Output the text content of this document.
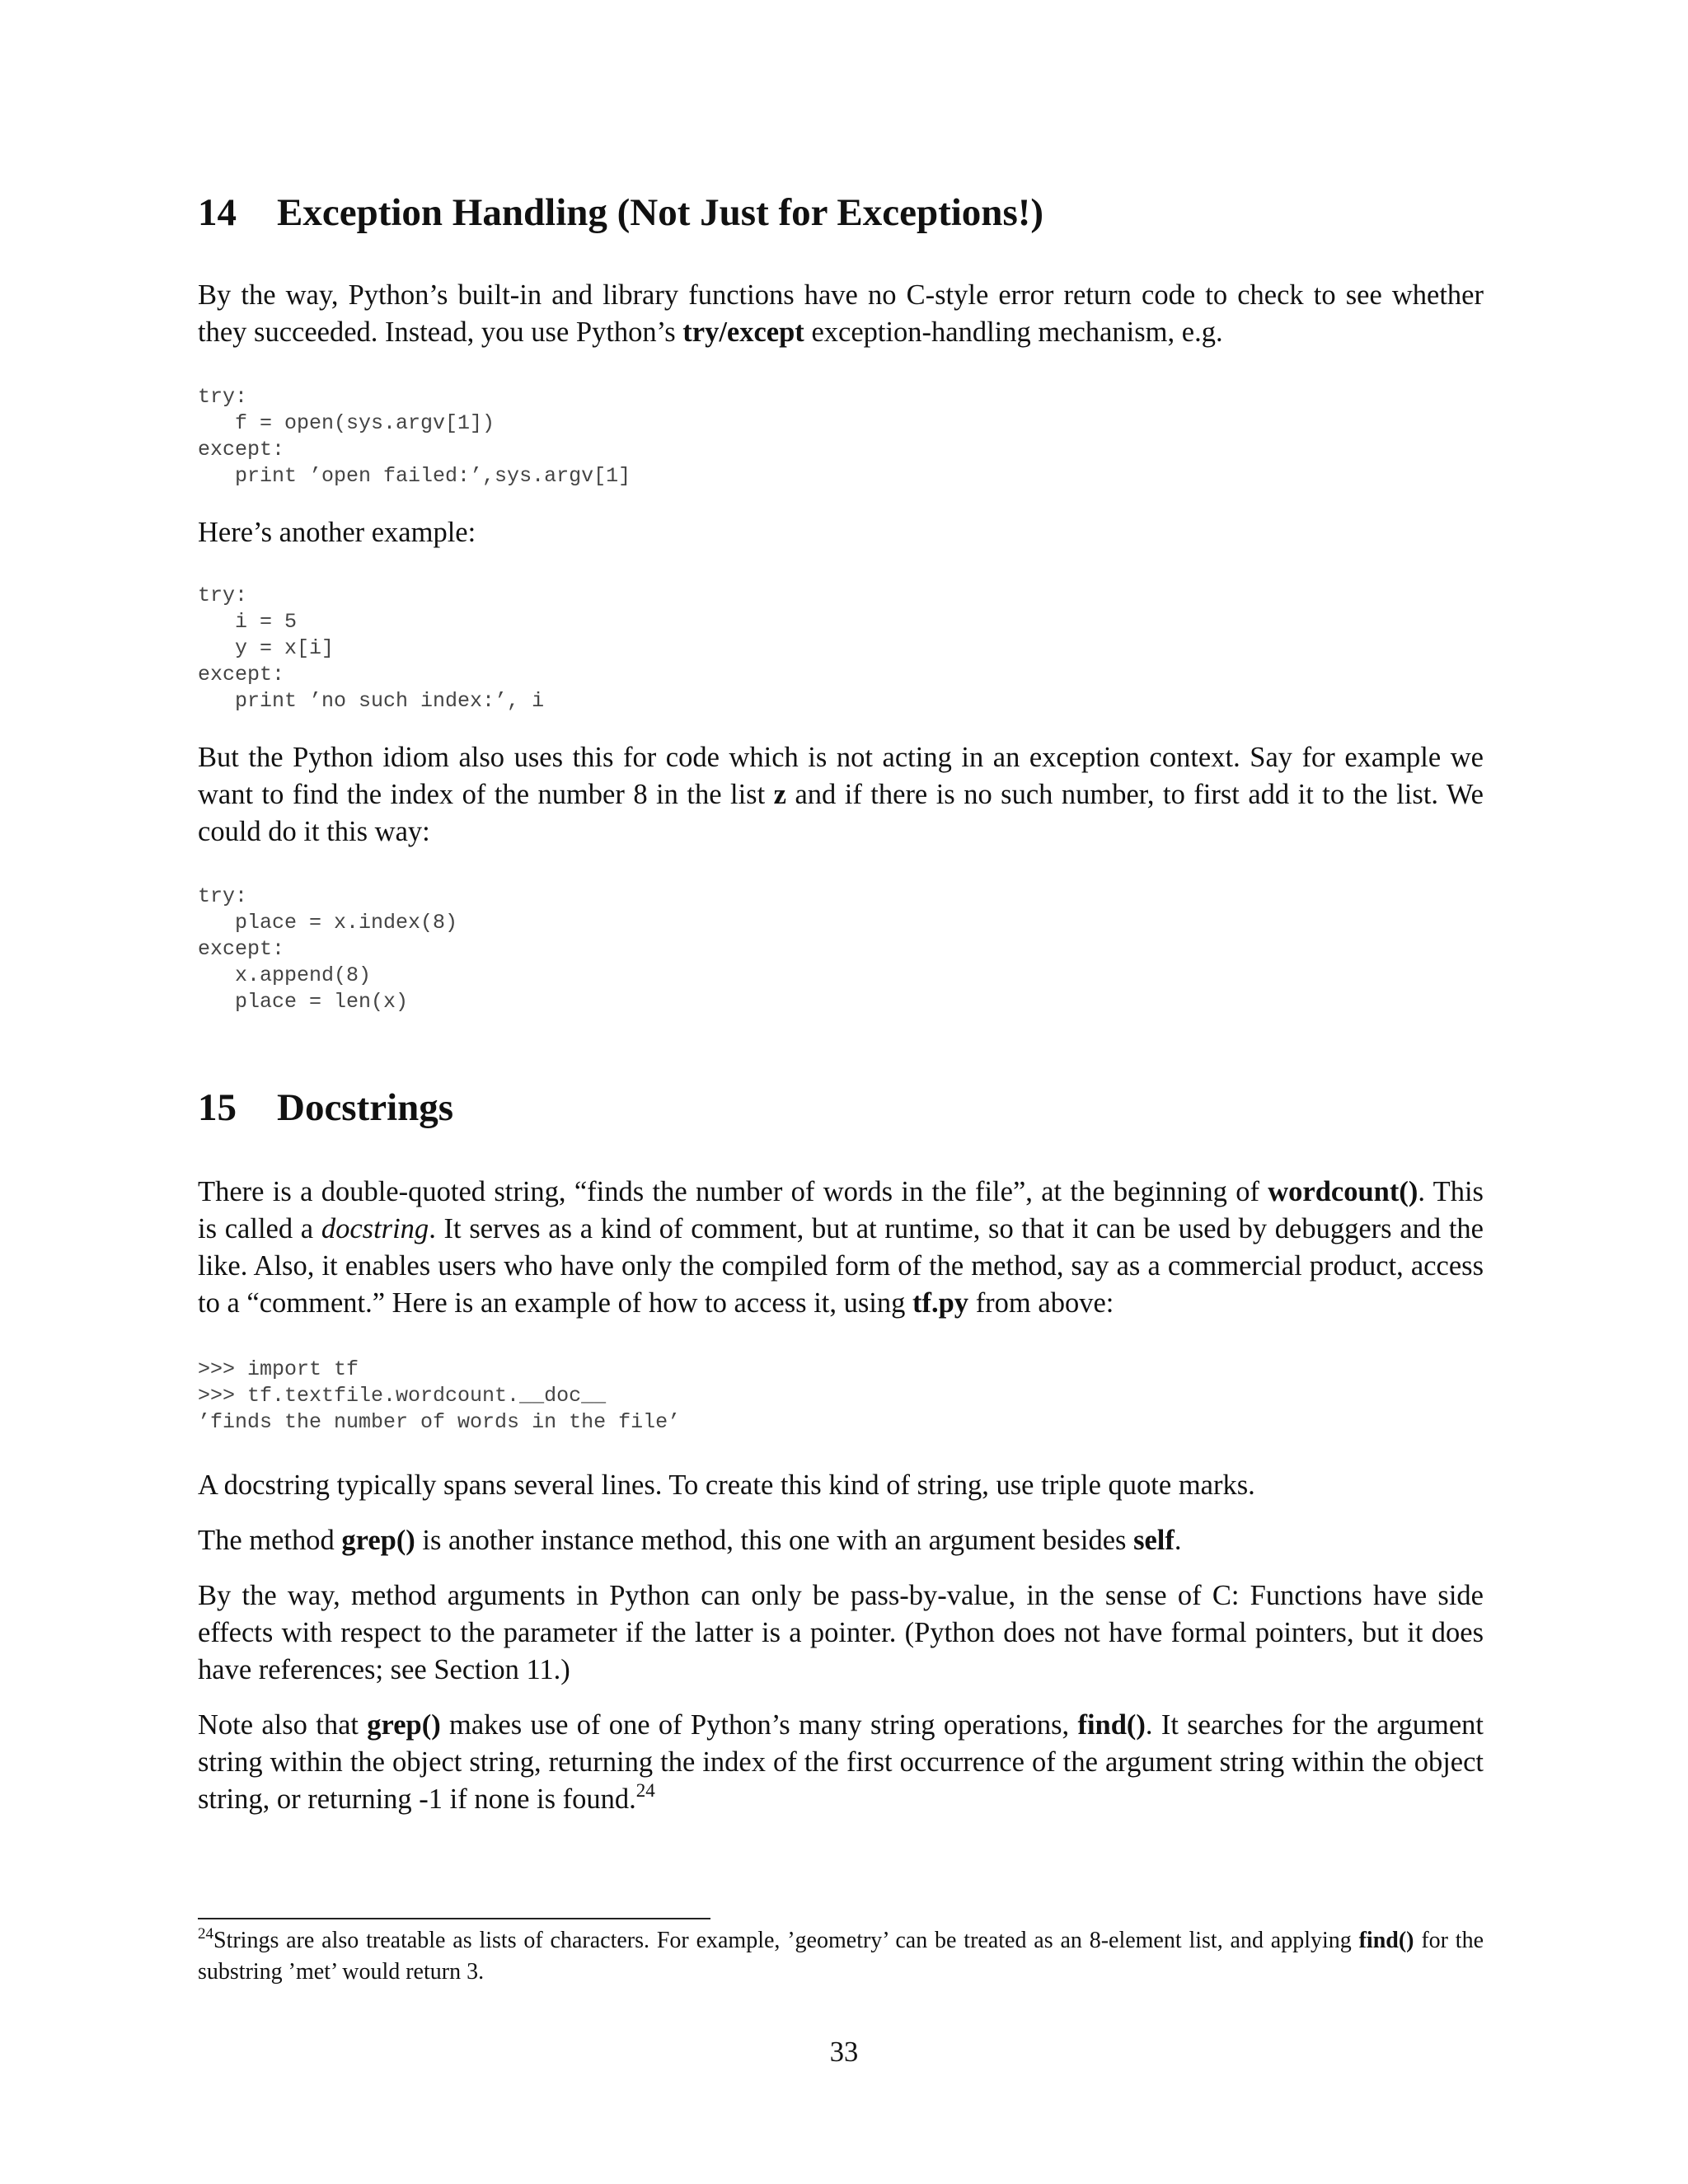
14 Exception Handling (Not Just for Exceptions!)

By the way, Python’s built-in and library functions have no C-style error return code to check to see whether they succeeded. Instead, you use Python’s try/except exception-handling mechanism, e.g.

try:
f = open(sys.argv[1])
except:
print ’open failed:’,sys.argv[1]

Here’s another example:

try:
i = 5
y = x[i]
except:
print ’no such index:’, i

But the Python idiom also uses this for code which is not acting in an exception context. Say for example we want to find the index of the number 8 in the list z and if there is no such number, to first add it to the list. We could do it this way:

try:
place = x.index(8)
except:
x.append(8)
place = len(x)
15 Docstrings

There is a double-quoted string, “finds the number of words in the file”, at the beginning of wordcount(). This is called a docstring. It serves as a kind of comment, but at runtime, so that it can be used by debuggers and the like. Also, it enables users who have only the compiled form of the method, say as a commercial product, access to a “comment.” Here is an example of how to access it, using tf.py from above:

>>> import tf
>>> tf.textfile.wordcount.__doc__
’finds the number of words in the file’

A docstring typically spans several lines. To create this kind of string, use triple quote marks.

The method grep() is another instance method, this one with an argument besides self.

By the way, method arguments in Python can only be pass-by-value, in the sense of C: Functions have side effects with respect to the parameter if the latter is a pointer. (Python does not have formal pointers, but it does have references; see Section 11.)

Note also that grep() makes use of one of Python’s many string operations, find(). It searches for the argument string within the object string, returning the index of the first occurrence of the argument string within the object string, or returning -1 if none is found.$^{24}$

$^{24}$Strings are also treatable as lists of characters. For example, ’geometry’ can be treated as an 8-element list, and applying find() for the substring ’met’ would return 3.

33
